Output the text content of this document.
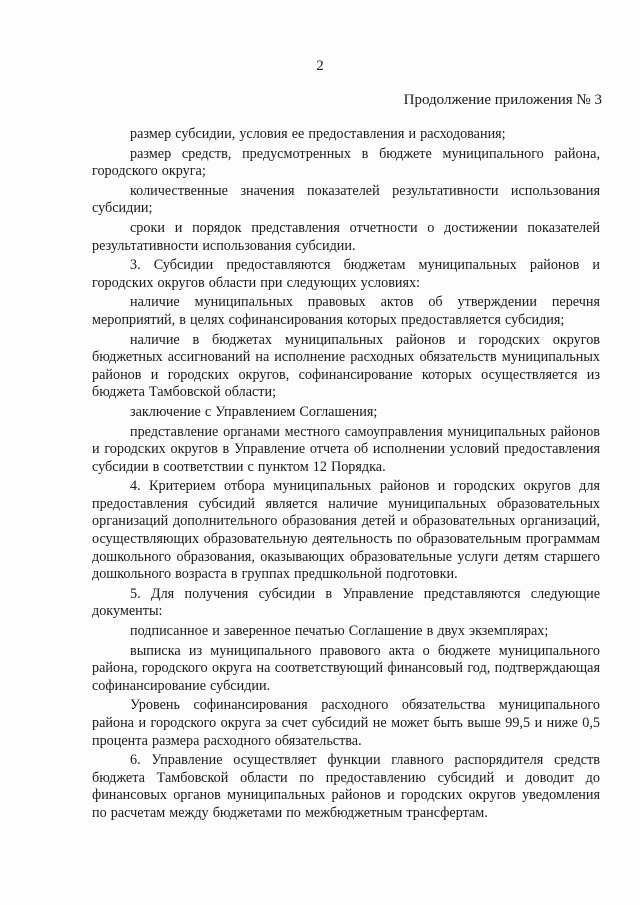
2
Продолжение приложения № 3

размер субсидии, условия ее предоставления и расходования;

размер средств, предусмотренных в бюджете муниципального района, городского округа;

количественные значения показателей результативности использования субсидии;

сроки и порядок представления отчетности о достижении показателей результативности использования субсидии.

3. Субсидии предоставляются бюджетам муниципальных районов и городских округов области при следующих условиях:

наличие муниципальных правовых актов об утверждении перечня мероприятий, в целях софинансирования которых предоставляется субсидия;

наличие в бюджетах муниципальных районов и городских округов бюджетных ассигнований на исполнение расходных обязательств муниципальных районов и городских округов, софинансирование которых осуществляется из бюджета Тамбовской области;

заключение с Управлением Соглашения;

представление органами местного самоуправления муниципальных районов и городских округов в Управление отчета об исполнении условий предоставления субсидии в соответствии с пунктом 12 Порядка.

4. Критерием отбора муниципальных районов и городских округов для предоставления субсидий является наличие муниципальных образовательных организаций дополнительного образования детей и образовательных организаций, осуществляющих образовательную деятельность по образовательным программам дошкольного образования, оказывающих образовательные услуги детям старшего дошкольного возраста в группах предшкольной подготовки.

5. Для получения субсидии в Управление представляются следующие документы:

подписанное и заверенное печатью Соглашение в двух экземплярах;

выписка из муниципального правового акта о бюджете муниципального района, городского округа на соответствующий финансовый год, подтверждающая софинансирование субсидии.

Уровень софинансирования расходного обязательства муниципального района и городского округа за счет субсидий не может быть выше 99,5 и ниже 0,5 процента размера расходного обязательства.

6. Управление осуществляет функции главного распорядителя средств бюджета Тамбовской области по предоставлению субсидий и доводит до финансовых органов муниципальных районов и городских округов уведомления по расчетам между бюджетами по межбюджетным трансфертам.
